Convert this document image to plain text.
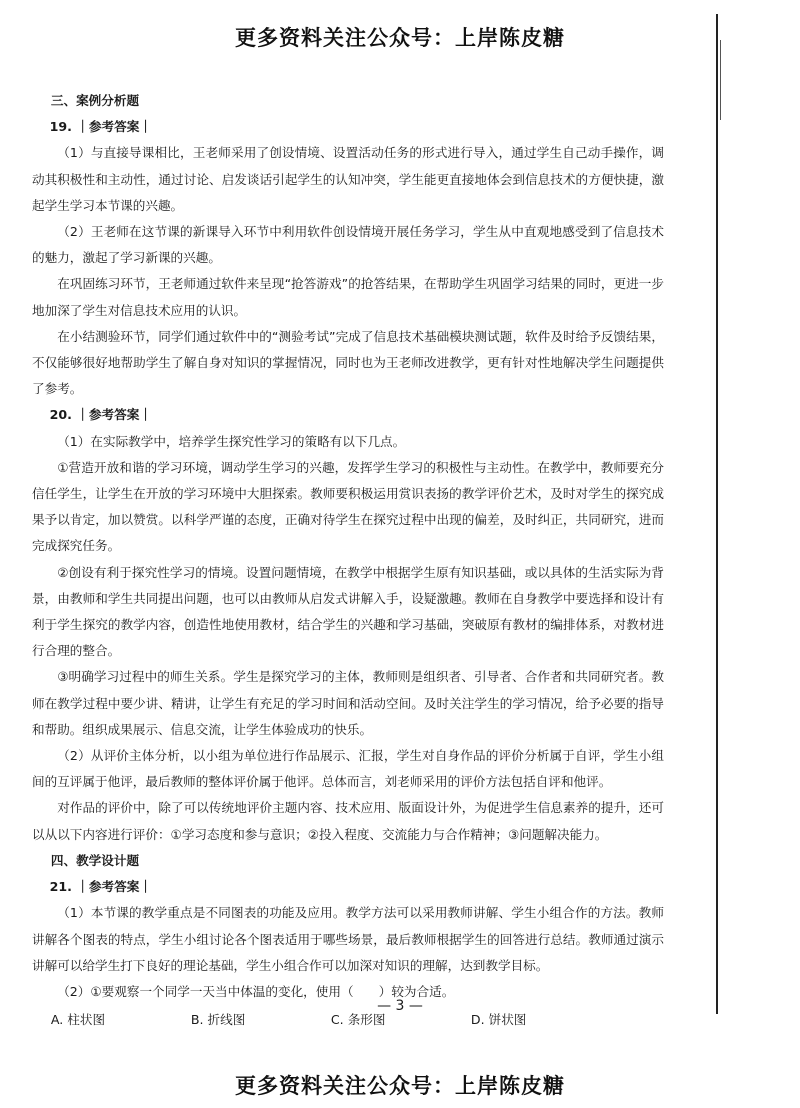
更多资料关注公众号：上岸陈皮糖

三、案例分析题

19. ｜参考答案｜

（1）与直接导课相比，王老师采用了创设情境、设置活动任务的形式进行导入，通过学生自己动手操作，调动其积极性和主动性，通过讨论、启发谈话引起学生的认知冲突，学生能更直接地体会到信息技术的方便快捷，激起学生学习本节课的兴趣。

（2）王老师在这节课的新课导入环节中利用软件创设情境开展任务学习，学生从中直观地感受到了信息技术的魅力，激起了学习新课的兴趣。

在巩固练习环节，王老师通过软件来呈现“抢答游戏”的抢答结果，在帮助学生巩固学习结果的同时，更进一步地加深了学生对信息技术应用的认识。

在小结测验环节，同学们通过软件中的“测验考试”完成了信息技术基础模块测试题，软件及时给予反馈结果，不仅能够很好地帮助学生了解自身对知识的掌握情况，同时也为王老师改进教学，更有针对性地解决学生问题提供了参考。

20. ｜参考答案｜

（1）在实际教学中，培养学生探究性学习的策略有以下几点。

①营造开放和谐的学习环境，调动学生学习的兴趣，发挥学生学习的积极性与主动性。在教学中，教师要充分信任学生，让学生在开放的学习环境中大胆探索。教师要积极运用赏识表扬的教学评价艺术，及时对学生的探究成果予以肯定，加以赞赏。以科学严谨的态度，正确对待学生在探究过程中出现的偏差，及时纠正，共同研究，进而完成探究任务。

②创设有利于探究性学习的情境。设置问题情境，在教学中根据学生原有知识基础，或以具体的生活实际为背景，由教师和学生共同提出问题，也可以由教师从启发式讲解入手，设疑激趣。教师在自身教学中要选择和设计有利于学生探究的教学内容，创造性地使用教材，结合学生的兴趣和学习基础，突破原有教材的编排体系，对教材进行合理的整合。

③明确学习过程中的师生关系。学生是探究学习的主体，教师则是组织者、引导者、合作者和共同研究者。教师在教学过程中要少讲、精讲，让学生有充足的学习时间和活动空间。及时关注学生的学习情况，给予必要的指导和帮助。组织成果展示、信息交流，让学生体验成功的快乐。

（2）从评价主体分析，以小组为单位进行作品展示、汇报，学生对自身作品的评价分析属于自评，学生小组间的互评属于他评，最后教师的整体评价属于他评。总体而言，刘老师采用的评价方法包括自评和他评。

对作品的评价中，除了可以传统地评价主题内容、技术应用、版面设计外，为促进学生信息素养的提升，还可以从以下内容进行评价：①学习态度和参与意识；②投入程度、交流能力与合作精神；③问题解决能力。

四、教学设计题

21. ｜参考答案｜

（1）本节课的教学重点是不同图表的功能及应用。教学方法可以采用教师讲解、学生小组合作的方法。教师讲解各个图表的特点，学生小组讨论各个图表适用于哪些场景，最后教师根据学生的回答进行总结。教师通过演示讲解可以给学生打下良好的理论基础，学生小组合作可以加深对知识的理解，达到教学目标。

（2）①要观察一个同学一天当中体温的变化，使用（　　）较为合适。

A. 柱状图	B. 折线图	C. 条形图	D. 饼状图
— 3 —
更多资料关注公众号：上岸陈皮糖
